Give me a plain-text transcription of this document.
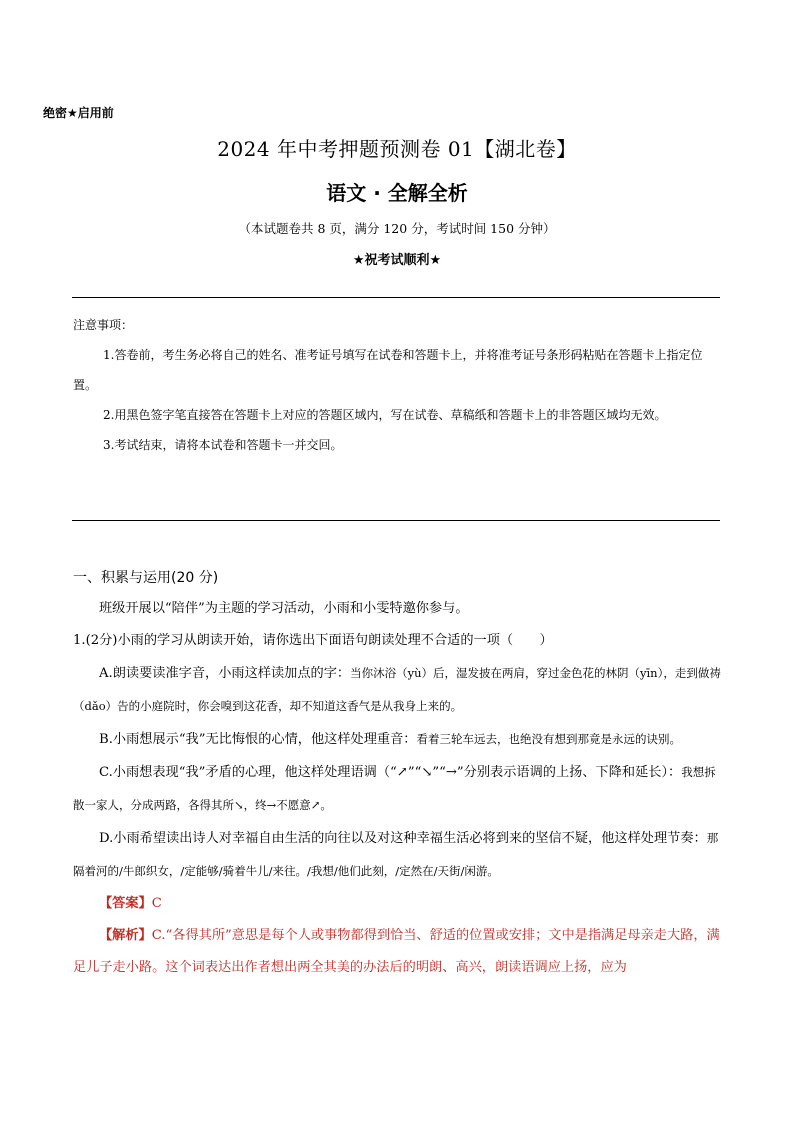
绝密★启用前
2024 年中考押题预测卷 01【湖北卷】
语文 · 全解全析
（本试题卷共 8 页，满分 120 分，考试时间 150 分钟）
★祝考试顺利★
注意事项：

1.答卷前，考生务必将自己的姓名、准考证号填写在试卷和答题卡上，并将准考证号条形码粘贴在答题卡上指定位置。

2.用黑色签字笔直接答在答题卡上对应的答题区域内，写在试卷、草稿纸和答题卡上的非答题区域均无效。

3.考试结束，请将本试卷和答题卡一并交回。

一、积累与运用(20 分)

班级开展以“陪伴”为主题的学习活动，小雨和小雯特邀你参与。

1.(2分)小雨的学习从朗读开始，请你选出下面语句朗读处理不合适的一项（　　）

A.朗读要读准字音，小雨这样读加点的字：当你沐浴（yù）后，湿发披在两肩，穿过金色花的林阴（yīn），走到做祷（dǎo）告的小庭院时，你会嗅到这花香，却不知道这香气是从我身上来的。

B.小雨想展示“我”无比悔恨的心情，他这样处理重音：看着三轮车远去，也绝没有想到那竟是永远的诀别。

C.小雨想表现“我”矛盾的心理，他这样处理语调（“↗”“↘”“→”分别表示语调的上扬、下降和延长）：我想拆散一家人，分成两路，各得其所↘，终→不愿意↗。

D.小雨希望读出诗人对幸福自由生活的向往以及对这种幸福生活必将到来的坚信不疑，他这样处理节奏：那隔着河的/牛郎织女，/定能够/骑着牛儿/来往。/我想/他们此刻，/定然在/天街/闲游。

【答案】C

【解析】C.“各得其所”意思是每个人或事物都得到恰当、舒适的位置或安排；文中是指满足母亲走大路，满足儿子走小路。这个词表达出作者想出两全其美的办法后的明朗、高兴，朗读语调应上扬，应为
